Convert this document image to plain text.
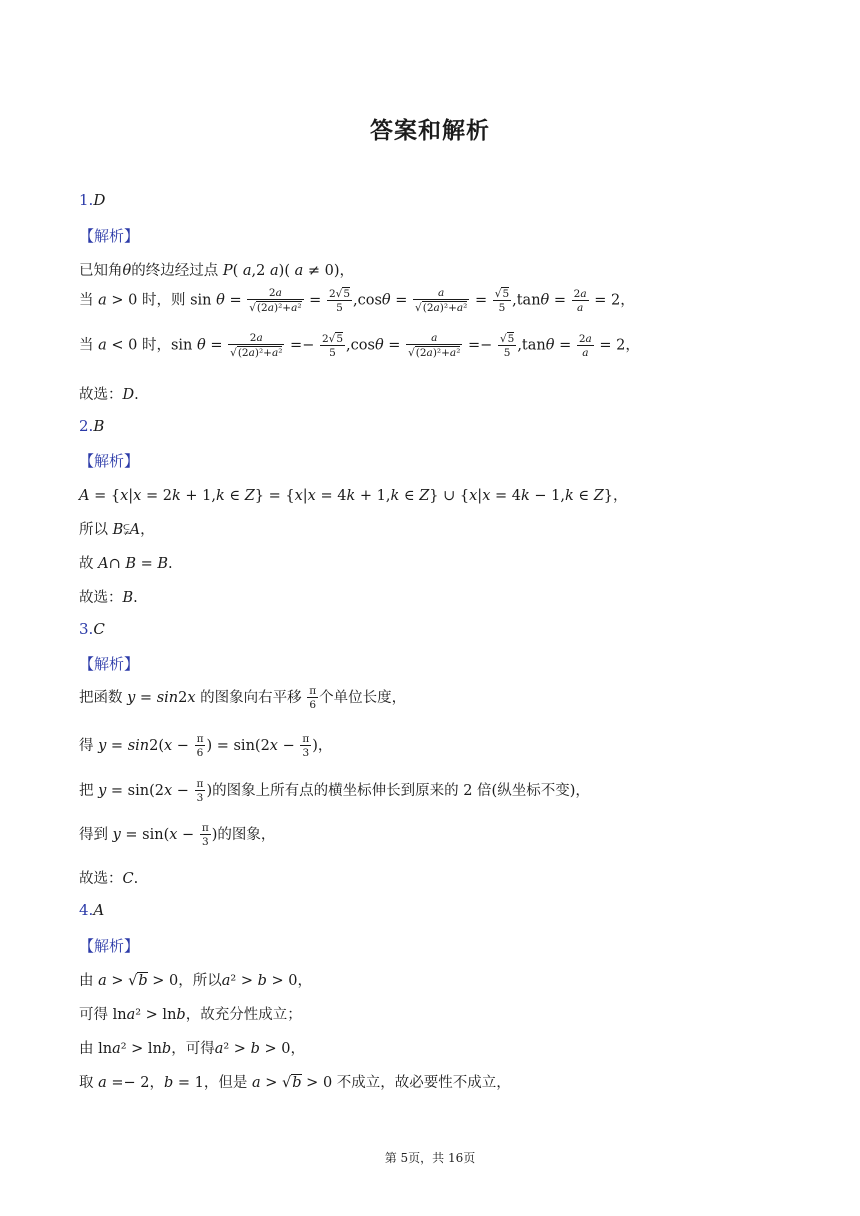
答案和解析
1.D
【解析】
已知角θ的终边经过点 P( a,2 a)( a ≠ 0)，
当 a > 0 时，则 $\sin \theta = \frac{2a}{\text{√(2a)²+a²}} = \frac{2√5}{5} ,\cos\theta = \frac{a}{\text{√(2a)²+a²}} = \frac{√5}{5} ,\tan\theta = \frac{2a}{a} = 2$，
当 a < 0 时，$\sin \theta = \frac{2a}{\text{√(2a)²+a²}} =- \frac{2√5}{5} ,\cos\theta = \frac{a}{\text{√(2a)²+a²}} =- \frac{√5}{5} ,\tan\theta = \frac{2a}{a} = 2$，
故选：D.
2.B
【解析】
A = {x|x = 2k + 1,k ∈ Z} = {x|x = 4k + 1,k ∈ Z} ∪ {x|x = 4k − 1,k ∈ Z}，
所以 B⫋A，
故 A∩ B = B.
故选：B.
3.C
【解析】
把函数 y = sin2x 的图象向右平移 $\frac{\pi}{6}$ 个单位长度，
得 $y = \sin 2(x - \frac{\pi}{6}$ ) = $\sin(2x - \frac{\pi}{3}$ )，
把 $y = \sin(2x - \frac{\pi}{3}$ )的图象上所有点的横坐标伸长到原来的 2 倍(纵坐标不变)，
得到 $y = \sin(x - \frac{\pi}{3}$ )的图象，
故选：C.
4.A
【解析】
由 a > √b > 0，所以a² > b > 0，
可得 lna² > lnb，故充分性成立；
由 lna² > lnb，可得a² > b > 0，
取 a =− 2，b = 1，但是 a > √b > 0 不成立，故必要性不成立，
第 5页，共 16页
